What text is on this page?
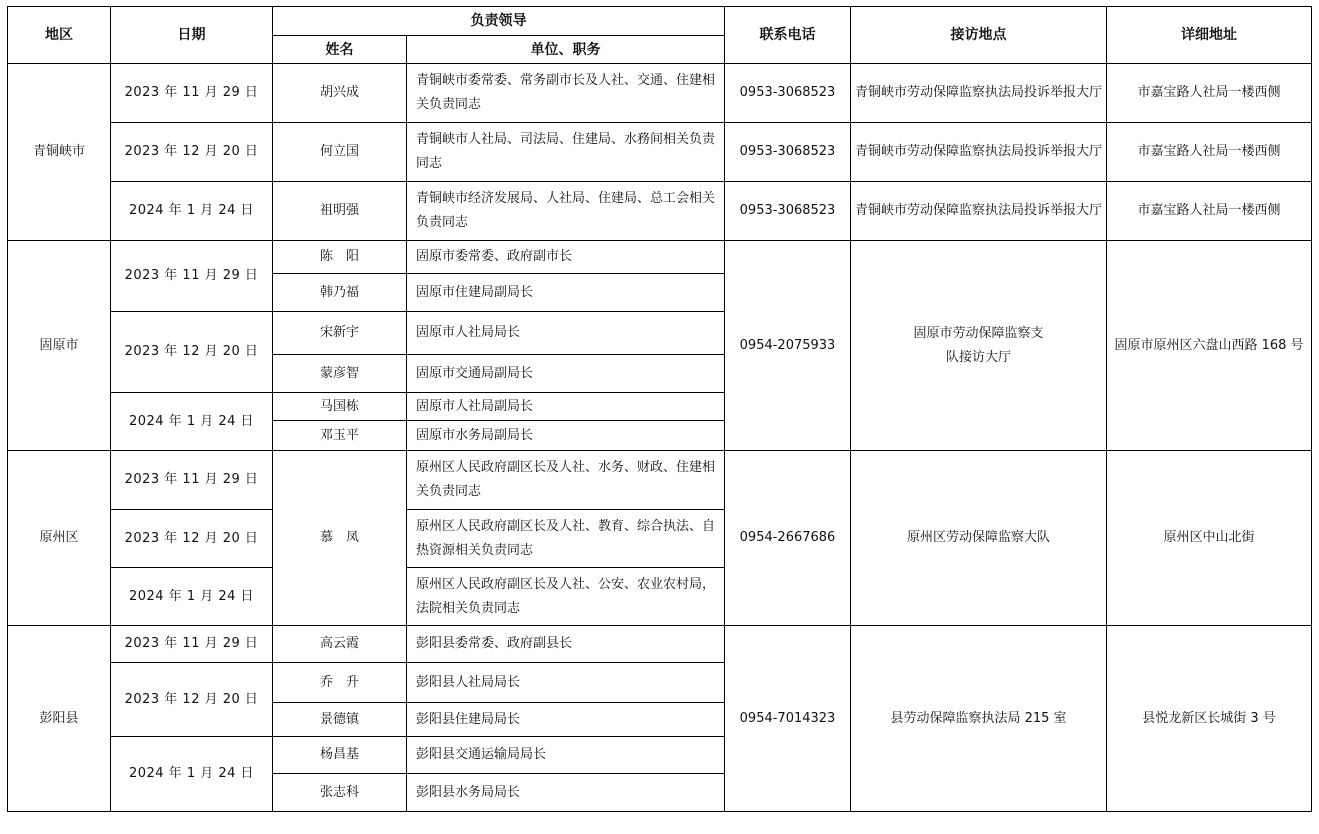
地区	日期	负责领导		联系电话	接访地点	详细地址
		姓名	单位、职务			
青铜峡市	2023 年 11 月 29 日	胡兴成	青铜峡市委常委、常务副市长及人社、交通、住建相关负责同志	0953-3068523	青铜峡市劳动保障监察执法局投诉举报大厅	市嘉宝路人社局一楼西侧
	2023 年 12 月 20 日	何立国	青铜峡市人社局、司法局、住建局、水務间相关负责同志	0953-3068523	青铜峡市劳动保障监察执法局投诉举报大厅	市嘉宝路人社局一楼西侧
	2024 年 1 月 24 日	祖明强	青铜峡市经济发展局、人社局、住建局、总工会相关负责同志	0953-3068523	青铜峡市劳动保障监察执法局投诉举报大厅	市嘉宝路人社局一楼西侧
固原市	2023 年 11 月 29 日	陈　阳	固原市委常委、政府副市长	0954-2075933	固原市劳动保障监察支队接访大厅	固原市原州区六盘山西路 168 号
		韩乃福	固原市住建局副局长			
	2023 年 12 月 20 日	宋新宇	固原市人社局局长			
		蒙彦智	固原市交通局副局长			
	2024 年 1 月 24 日	马国栋	固原市人社局副局长			
		邓玉平	固原市水务局副局长			
原州区	2023 年 11 月 29 日	慕　凤	原州区人民政府副区长及人社、水务、财政、住建相关负责同志	0954-2667686	原州区劳动保障监察大队	原州区中山北街
	2023 年 12 月 20 日		原州区人民政府副区长及人社、教育、综合执法、自热资源相关负责同志			
	2024 年 1 月 24 日		原州区人民政府副区长及人社、公安、农业农村局，法院相关负责同志			
彭阳县	2023 年 11 月 29 日	高云霞	彭阳县委常委、政府副县长	0954-7014323	县劳动保障监察执法局 215 室	县悦龙新区长城街 3 号
	2023 年 12 月 20 日	乔　升	彭阳县人社局局长			
		景德镇	彭阳县住建局局长			
	2024 年 1 月 24 日	杨昌基	彭阳县交通运输局局长			
		张志科	彭阳县水务局局长			
